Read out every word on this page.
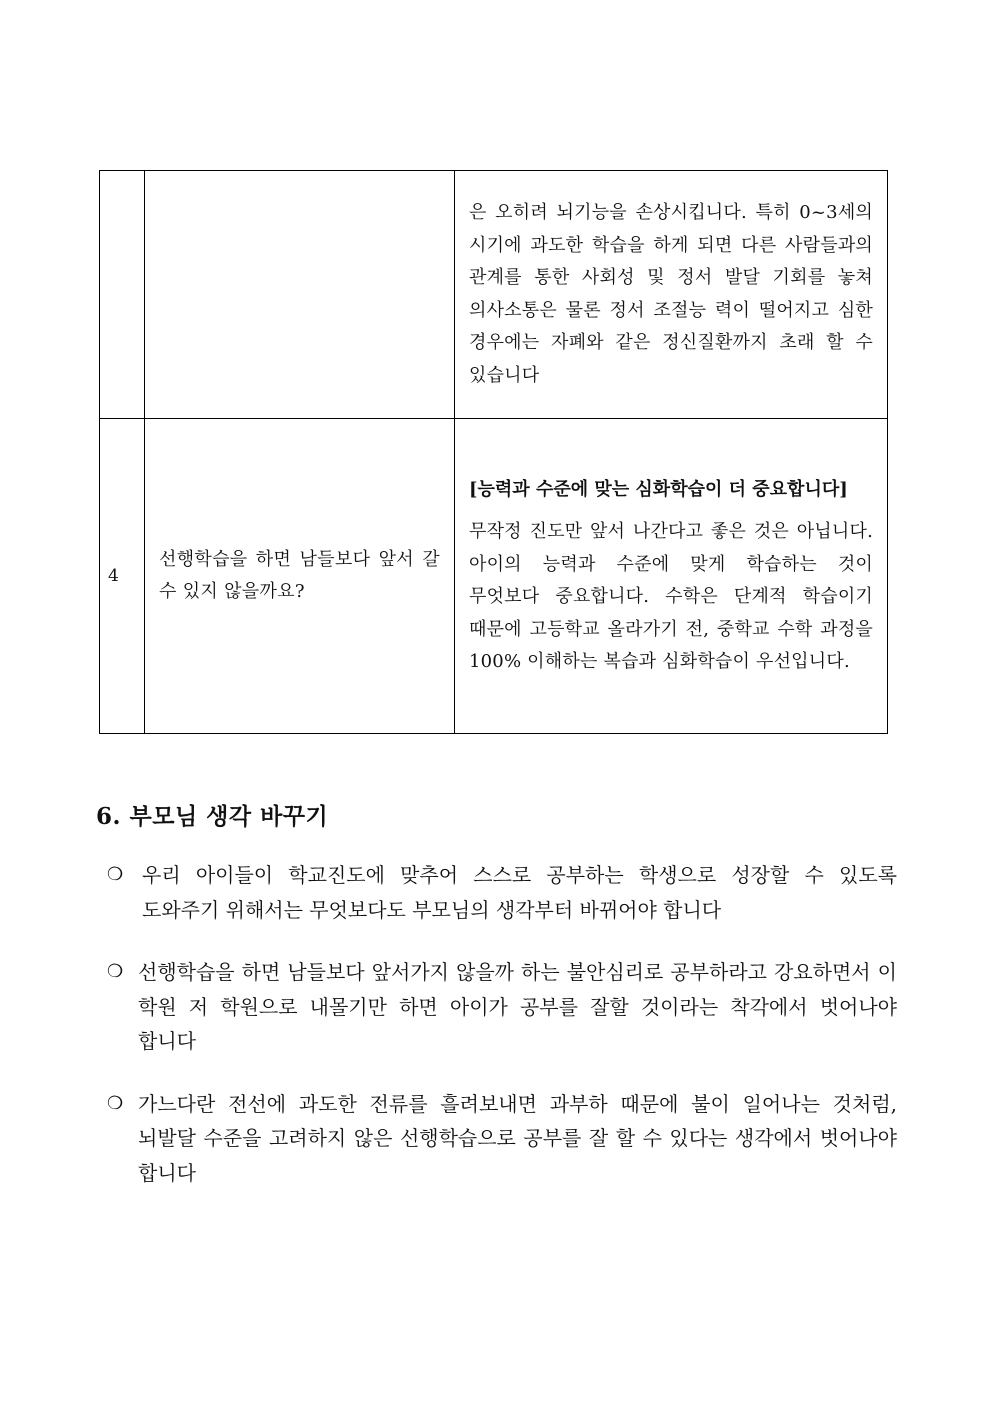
		은 오히려 뇌기능을 손상시킵니다. 특히 0~3세의 시기에 과도한 학습을 하게 되면 다른 사람들과의 관계를 통한 사회성 및 정서 발달 기회를 놓쳐 의사소통은 물론 정서 조절능 력이 떨어지고 심한 경우에는 자폐와 같은 정신질환까지 초래 할 수 있습니다

4	선행학습을 하면 남들보다 앞서 갈 수 있지 않을까요?	[능력과 수준에 맞는 심화학습이 더 중요합니다]
무작정 진도만 앞서 나간다고 좋은 것은 아닙니다. 아이의 능력과 수준에 맞게 학습하는 것이 무엇보다 중요합니다. 수학은 단계적 학습이기 때문에 고등학교 올라가기 전, 중학교 수학 과정을 100% 이해하는 복습과 심화학습이 우선입니다.
6. 부모님 생각 바꾸기
❍ 우리 아이들이 학교진도에 맞추어 스스로 공부하는 학생으로 성장할 수 있도록 도와주기 위해서는 무엇보다도 부모님의 생각부터 바뀌어야 합니다
❍ 선행학습을 하면 남들보다 앞서가지 않을까 하는 불안심리로 공부하라고 강요하면서 이 학원 저 학원으로 내몰기만 하면 아이가 공부를 잘할 것이라는 착각에서 벗어나야 합니다
❍ 가느다란 전선에 과도한 전류를 흘려보내면 과부하 때문에 불이 일어나는 것처럼, 뇌발달 수준을 고려하지 않은 선행학습으로 공부를 잘 할 수 있다는 생각에서 벗어나야 합니다
